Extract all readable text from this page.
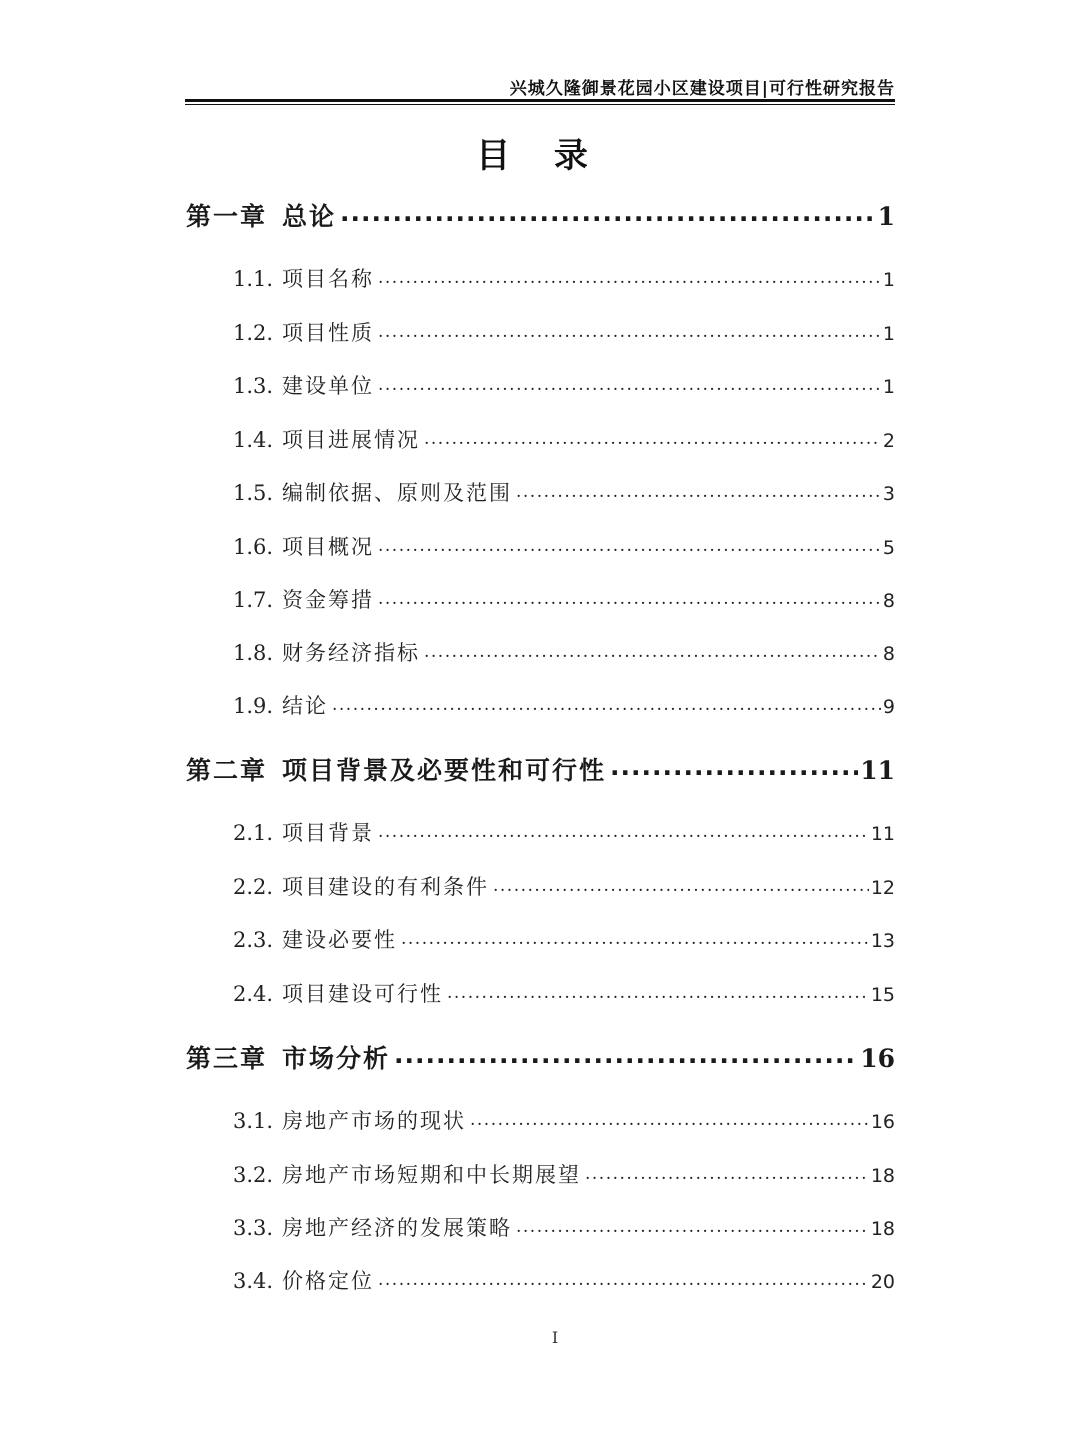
兴城久隆御景花园小区建设项目|可行性研究报告
目 录
第一章 总论 .....	1
1.1. 项目名称 .....	1
1.2. 项目性质 .....	1
1.3. 建设单位 .....	1
1.4. 项目进展情况 .....	2
1.5. 编制依据、原则及范围 .....	3
1.6. 项目概况 .....	5
1.7. 资金筹措 .....	8
1.8. 财务经济指标 .....	8
1.9. 结论 .....	9
第二章 项目背景及必要性和可行性 .....	11
2.1. 项目背景 .....	11
2.2. 项目建设的有利条件 .....	12
2.3. 建设必要性 .....	13
2.4. 项目建设可行性 .....	15
第三章 市场分析 .....	16
3.1. 房地产市场的现状 .....	16
3.2. 房地产市场短期和中长期展望 .....	18
3.3. 房地产经济的发展策略 .....	18
3.4. 价格定位 .....	20
I
